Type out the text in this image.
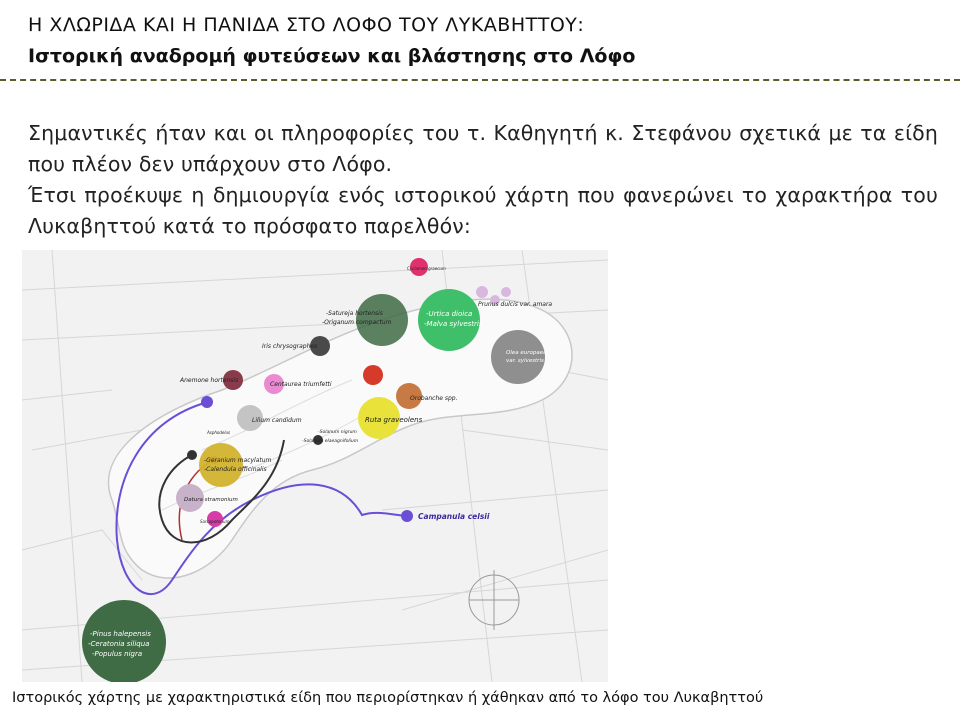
Η ΧΛΩΡΙΔΑ ΚΑΙ Η ΠΑΝΙΔΑ ΣΤΟ ΛΟΦΟ ΤΟΥ ΛΥΚΑΒΗΤΤΟΥ:
Ιστορική αναδρομή φυτεύσεων και βλάστησης στο Λόφο

Σημαντικές ήταν και οι πληροφορίες του τ. Καθηγητή κ. Στεφάνου σχετικά με τα είδη που πλέον δεν υπάρχουν στο Λόφο.

Έτσι προέκυψε η δημιουργία ενός ιστορικού χάρτη που φανερώνει το χαρακτήρα του Λυκαβηττού κατά το πρόσφατο παρελθόν:

-Satureja hortensis
-Origanum compactum
-Urtica dioica
-Malva sylvestris
Prunus dulcis var. amara
Olea europaea
var. sylvestris
Iris chrysographes
Anemone hortensis
Centaurea triumfetti
Orobanche spp.
Lilium candidum	Ruta graveolens
-Solanum nigrum
-Solanum elaeagnifolium
-Geranium macylatum
-Calendula officinalis
Datura stramonium
Sarcopoterium
Asphodelus
Cyclamen graecum
Campanula celsii
-Pinus halepensis
-Ceratonia siliqua
-Populus nigra
Ιστορικός χάρτης με χαρακτηριστικά είδη που περιορίστηκαν ή χάθηκαν από το λόφο του Λυκαβηττού
